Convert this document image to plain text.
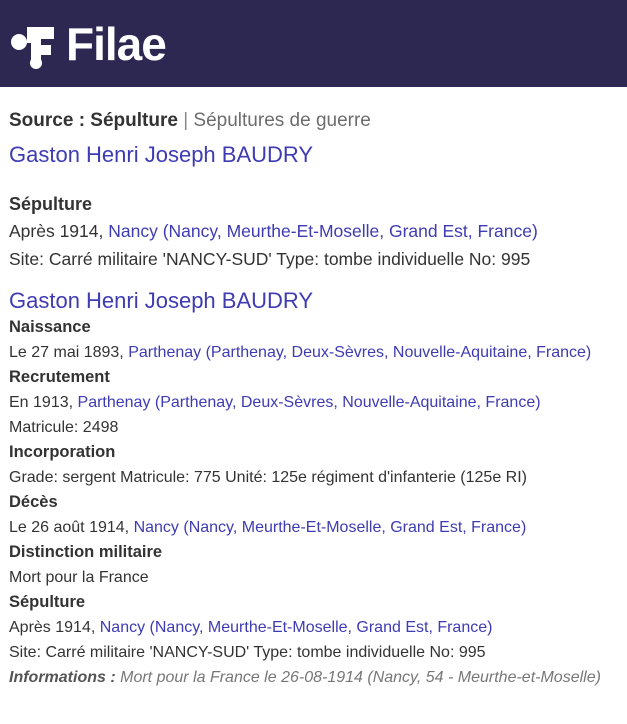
Filae
Source : Sépulture | Sépultures de guerre
Gaston Henri Joseph BAUDRY
Sépulture
Après 1914, Nancy (Nancy, Meurthe-Et-Moselle, Grand Est, France)
Site: Carré militaire 'NANCY-SUD' Type: tombe individuelle No: 995
Gaston Henri Joseph BAUDRY
Naissance
Le 27 mai 1893, Parthenay (Parthenay, Deux-Sèvres, Nouvelle-Aquitaine, France)
Recrutement
En 1913, Parthenay (Parthenay, Deux-Sèvres, Nouvelle-Aquitaine, France)
Matricule: 2498
Incorporation
Grade: sergent Matricule: 775 Unité: 125e régiment d'infanterie (125e RI)
Décès
Le 26 août 1914, Nancy (Nancy, Meurthe-Et-Moselle, Grand Est, France)
Distinction militaire
Mort pour la France
Sépulture
Après 1914, Nancy (Nancy, Meurthe-Et-Moselle, Grand Est, France)
Site: Carré militaire 'NANCY-SUD' Type: tombe individuelle No: 995
Informations : Mort pour la France le 26-08-1914 (Nancy, 54 - Meurthe-et-Moselle)
